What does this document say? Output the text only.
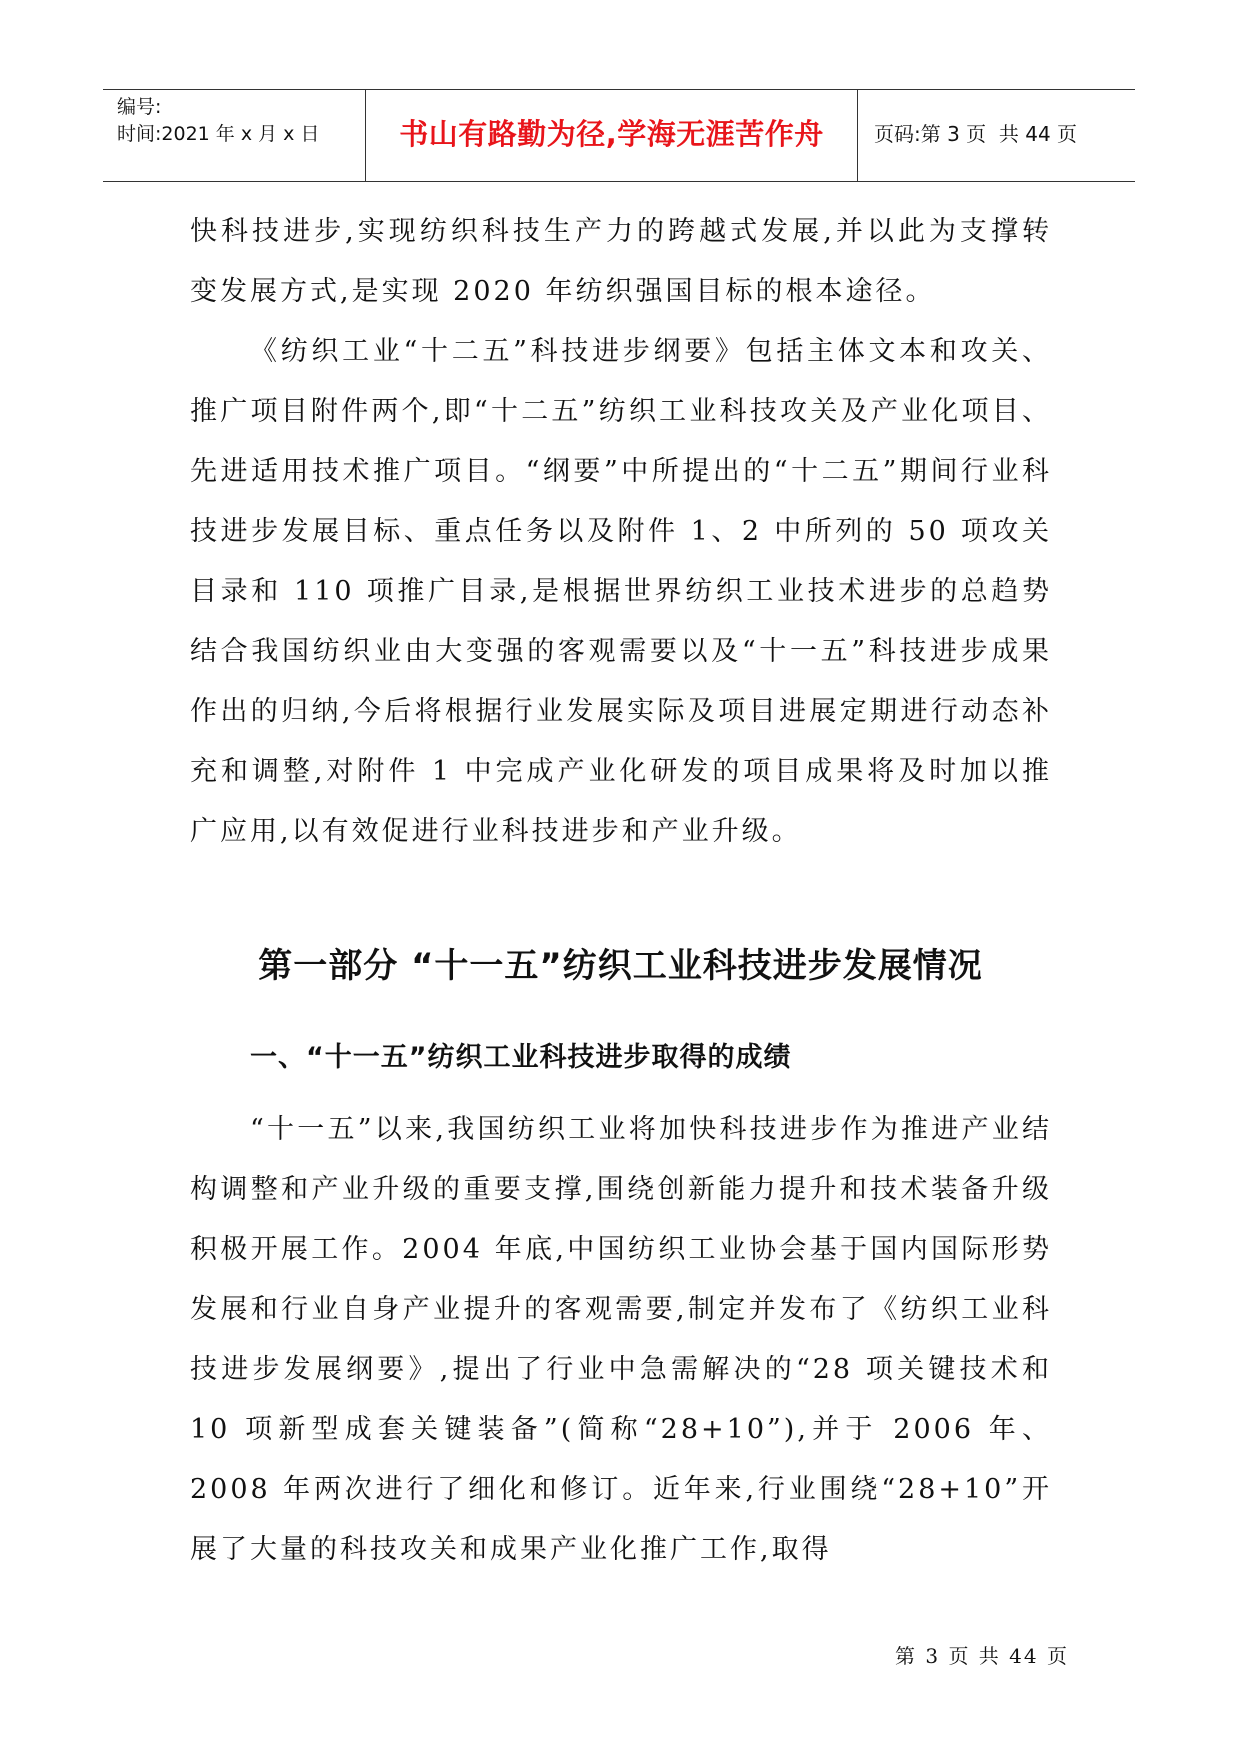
编号:
时间:2021 年 x 月 x 日	书山有路勤为径,学海无涯苦作舟	页码:第 3 页  共 44 页

快科技进步,实现纺织科技生产力的跨越式发展,并以此为支撑转变发展方式,是实现 2020 年纺织强国目标的根本途径。

《纺织工业“十二五”科技进步纲要》包括主体文本和攻关、推广项目附件两个,即“十二五”纺织工业科技攻关及产业化项目、先进适用技术推广项目。“纲要”中所提出的“十二五”期间行业科技进步发展目标、重点任务以及附件 1、2 中所列的 50 项攻关目录和 110 项推广目录,是根据世界纺织工业技术进步的总趋势结合我国纺织业由大变强的客观需要以及“十一五”科技进步成果作出的归纳,今后将根据行业发展实际及项目进展定期进行动态补充和调整,对附件 1 中完成产业化研发的项目成果将及时加以推广应用,以有效促进行业科技进步和产业升级。

第一部分 “十一五”纺织工业科技进步发展情况
一、“十一五”纺织工业科技进步取得的成绩

“十一五”以来,我国纺织工业将加快科技进步作为推进产业结构调整和产业升级的重要支撑,围绕创新能力提升和技术装备升级积极开展工作。2004 年底,中国纺织工业协会基于国内国际形势发展和行业自身产业提升的客观需要,制定并发布了《纺织工业科技进步发展纲要》,提出了行业中急需解决的“28 项关键技术和 10 项新型成套关键装备”(简称“28+10”),并于 2006 年、2008 年两次进行了细化和修订。近年来,行业围绕“28+10”开展了大量的科技攻关和成果产业化推广工作,取得

第 3 页 共 44 页
